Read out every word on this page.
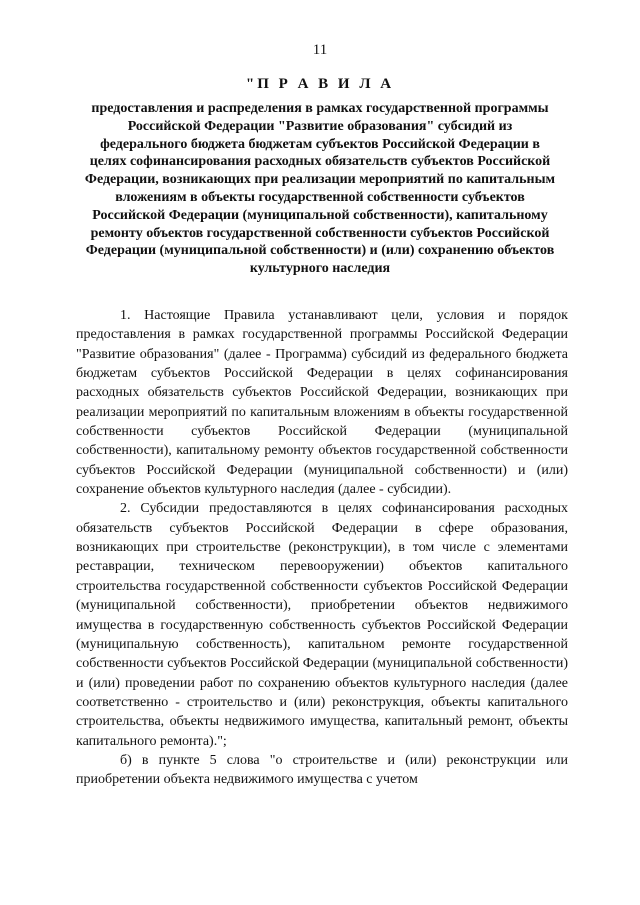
11
"П Р А В И Л А

предоставления и распределения в рамках государственной программы Российской Федерации "Развитие образования" субсидий из федерального бюджета бюджетам субъектов Российской Федерации в целях софинансирования расходных обязательств субъектов Российской Федерации, возникающих при реализации мероприятий по капитальным вложениям в объекты государственной собственности субъектов Российской Федерации (муниципальной собственности), капитальному ремонту объектов государственной собственности субъектов Российской Федерации (муниципальной собственности) и (или) сохранению объектов культурного наследия

1. Настоящие Правила устанавливают цели, условия и порядок предоставления в рамках государственной программы Российской Федерации "Развитие образования" (далее - Программа) субсидий из федерального бюджета бюджетам субъектов Российской Федерации в целях софинансирования расходных обязательств субъектов Российской Федерации, возникающих при реализации мероприятий по капитальным вложениям в объекты государственной собственности субъектов Российской Федерации (муниципальной собственности), капитальному ремонту объектов государственной собственности субъектов Российской Федерации (муниципальной собственности) и (или) сохранение объектов культурного наследия (далее - субсидии).

2. Субсидии предоставляются в целях софинансирования расходных обязательств субъектов Российской Федерации в сфере образования, возникающих при строительстве (реконструкции), в том числе с элементами реставрации, техническом перевооружении) объектов капитального строительства государственной собственности субъектов Российской Федерации (муниципальной собственности), приобретении объектов недвижимого имущества в государственную собственность субъектов Российской Федерации (муниципальную собственность), капитальном ремонте государственной собственности субъектов Российской Федерации (муниципальной собственности) и (или) проведении работ по сохранению объектов культурного наследия (далее соответственно - строительство и (или) реконструкция, объекты капитального строительства, объекты недвижимого имущества, капитальный ремонт, объекты капитального ремонта).";

б) в пункте 5 слова "о строительстве и (или) реконструкции или приобретении объекта недвижимого имущества с учетом
